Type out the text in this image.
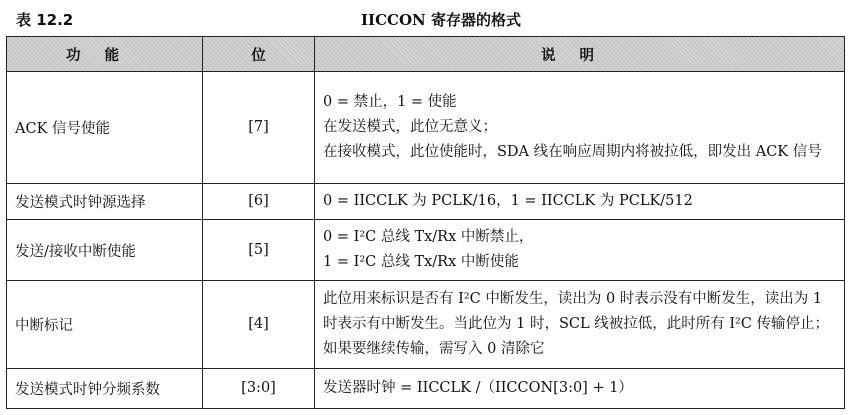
表 12.2	IICCON 寄存器的格式
功能	位	说明
ACK 信号使能	[7]	0 = 禁止，1 = 使能
在发送模式，此位无意义；
在接收模式，此位使能时，SDA 线在响应周期内将被拉低，即发出 ACK 信号

发送模式时钟源选择	[6]	0 = IICCLK 为 PCLK/16，1 = IICCLK 为 PCLK/512

发送/接收中断使能	[5]	0 = I²C 总线 Tx/Rx 中断禁止，
1 = I²C 总线 Tx/Rx 中断使能

中断标记	[4]	此位用来标识是否有 I²C 中断发生，读出为 0 时表示没有中断发生，读出为 1 时表示有中断发生。当此位为 1 时，SCL 线被拉低，此时所有 I²C 传输停止；如果要继续传输，需写入 0 清除它

发送模式时钟分频系数	[3:0]	发送器时钟 = IICCLK /（IICCON[3:0] + 1）
